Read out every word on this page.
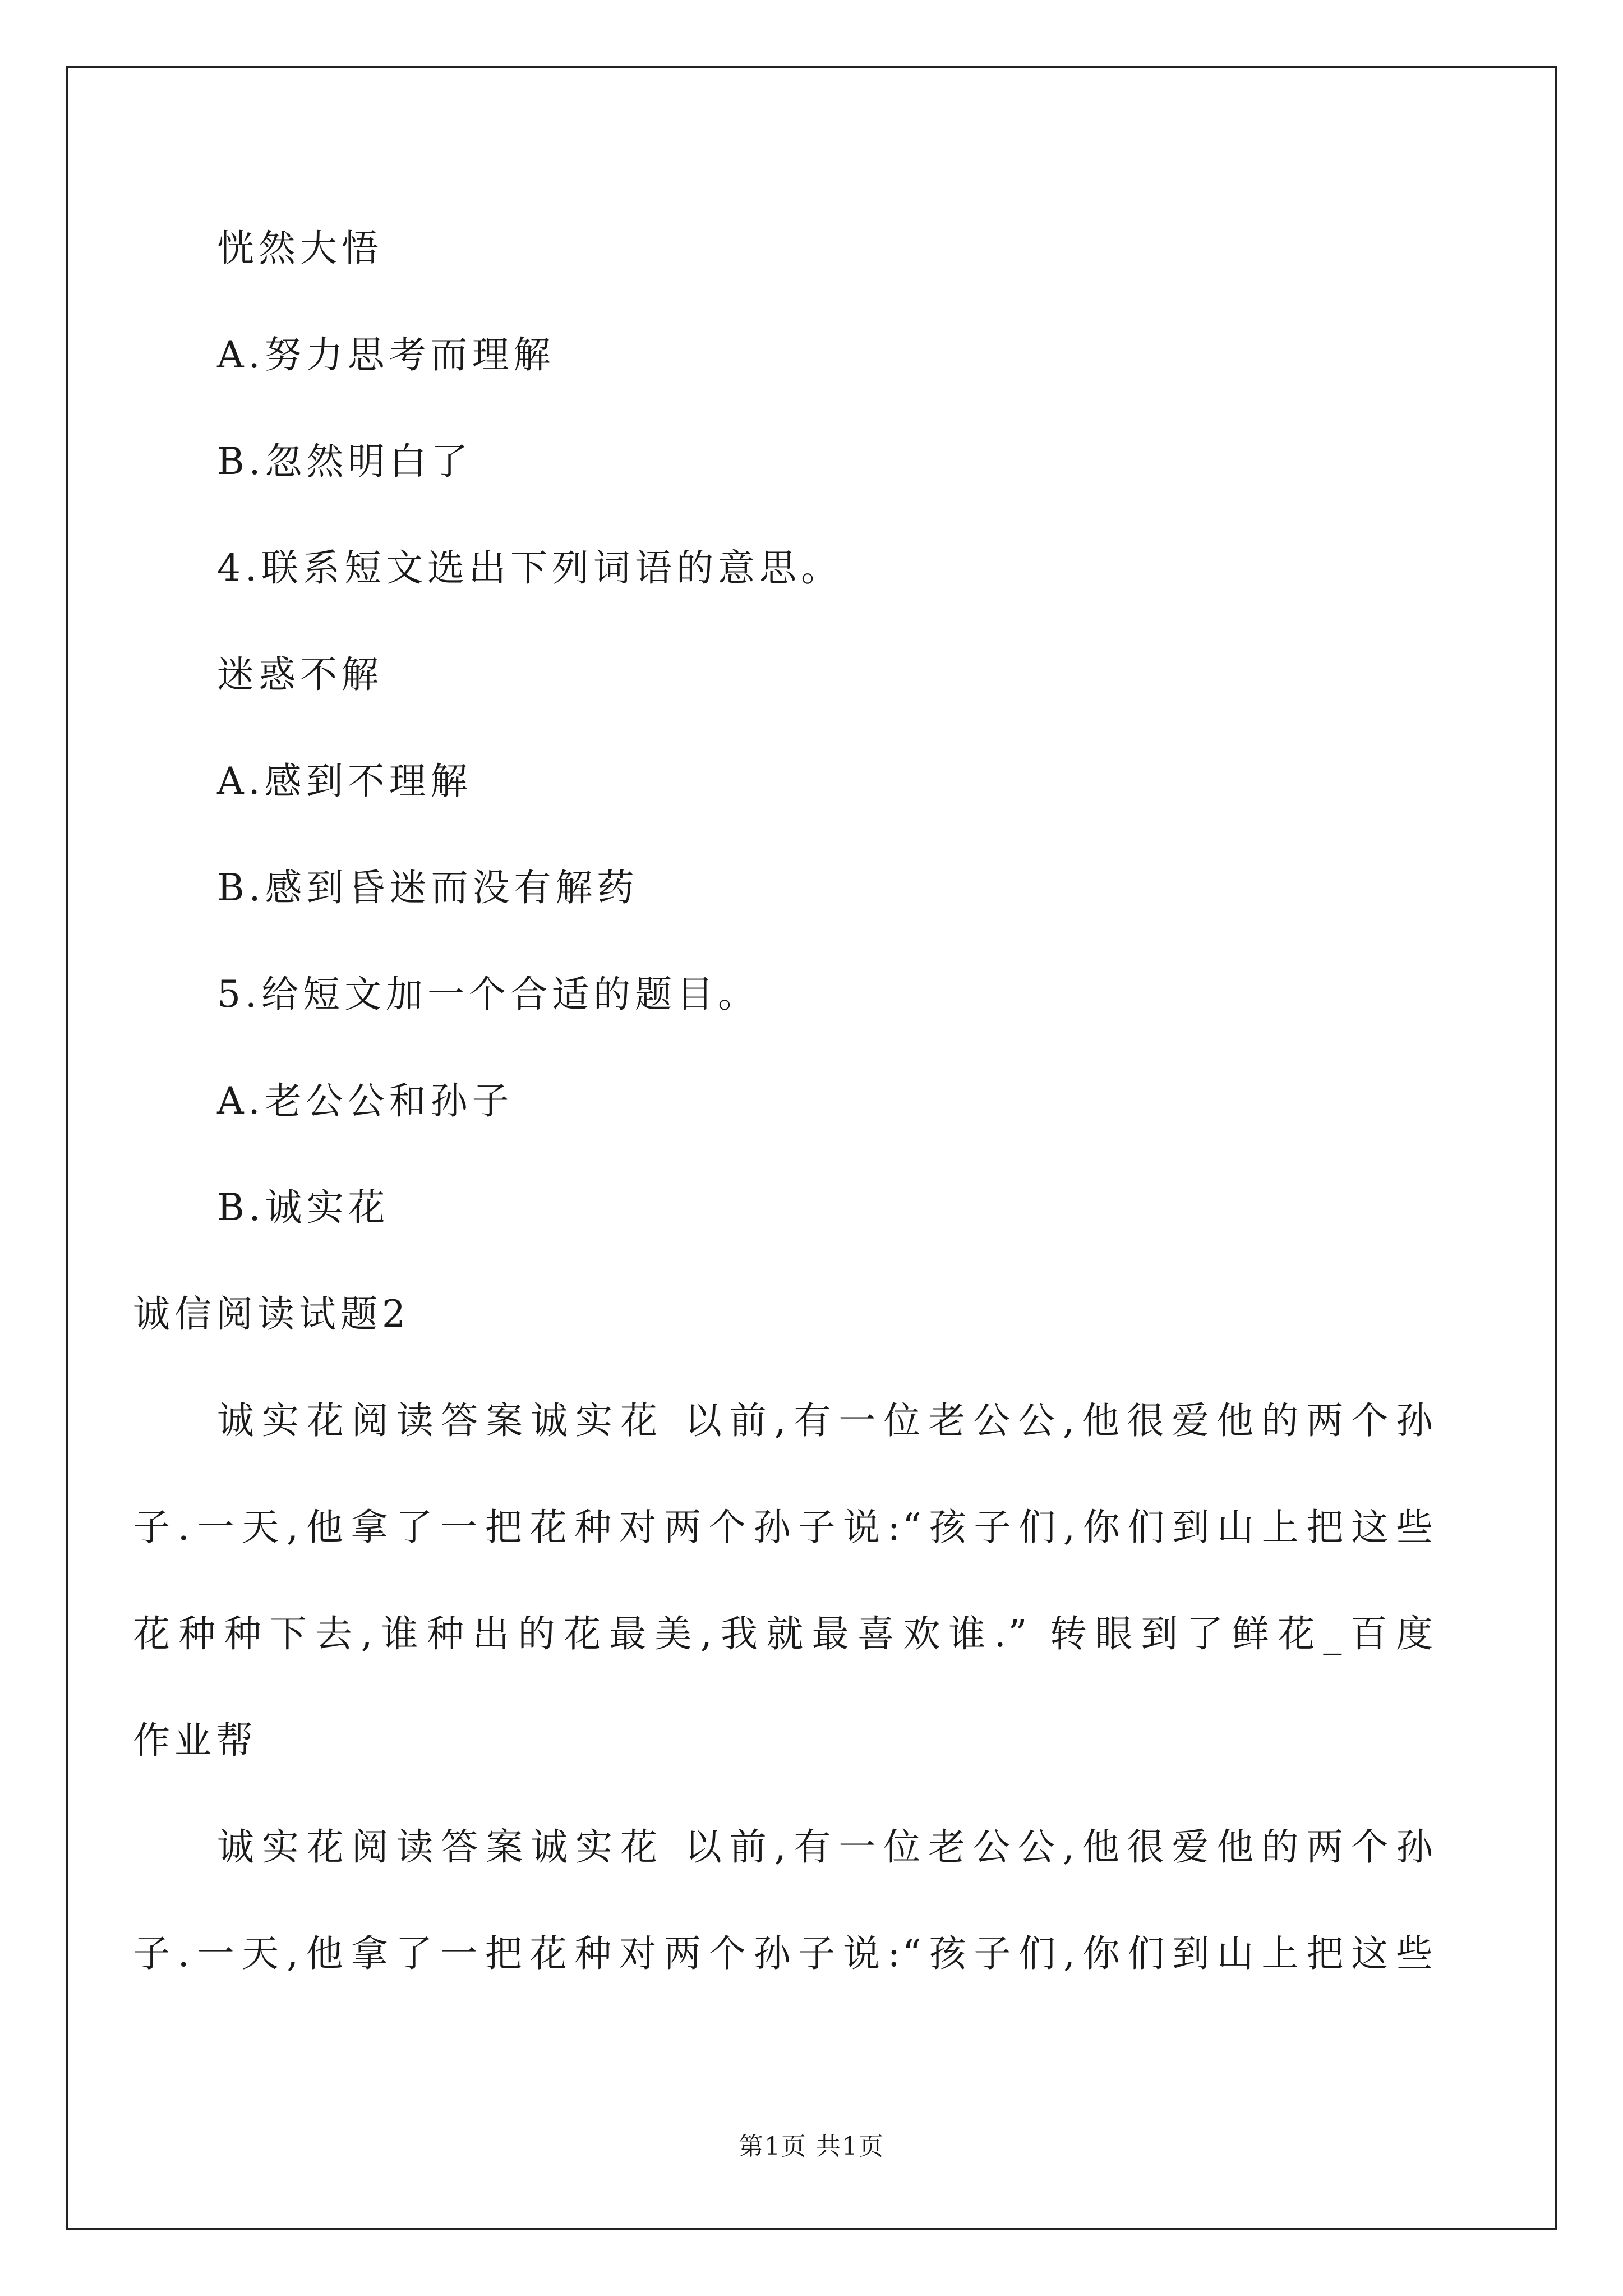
恍然大悟
A.努力思考而理解
B.忽然明白了
4.联系短文选出下列词语的意思。
迷惑不解
A.感到不理解
B.感到昏迷而没有解药
5.给短文加一个合适的题目。
A.老公公和孙子
B.诚实花
诚信阅读试题2
诚实花阅读答案诚实花 以前,有一位老公公,他很爱他的两个孙
子.一天,他拿了一把花种对两个孙子说:“孩子们,你们到山上把这些
花种种下去,谁种出的花最美,我就最喜欢谁.” 转眼到了鲜花_百度
作业帮
诚实花阅读答案诚实花 以前,有一位老公公,他很爱他的两个孙
子.一天,他拿了一把花种对两个孙子说:“孩子们,你们到山上把这些
第1页 共1页
